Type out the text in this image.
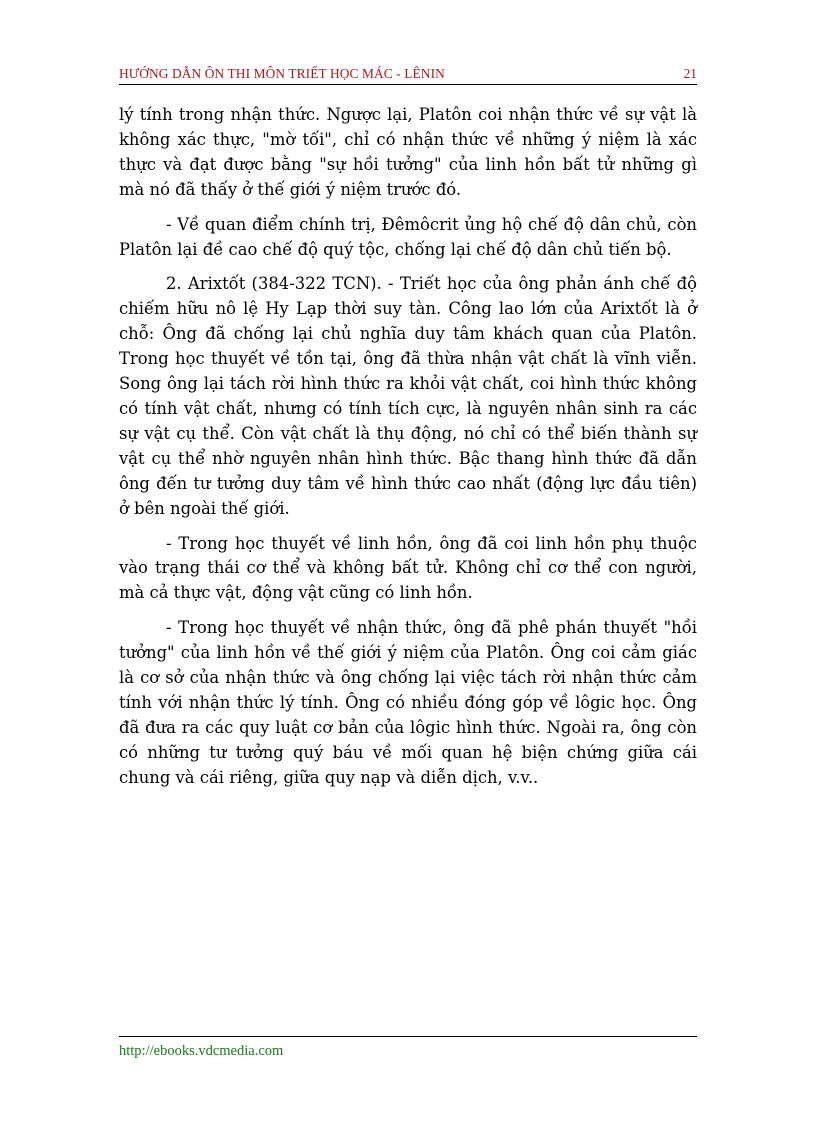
HƯỚNG DẪN ÔN THI MÔN TRIẾT HỌC MÁC - LÊNIN	21

lý tính trong nhận thức. Ngược lại, Platôn coi nhận thức về sự vật là không xác thực, "mờ tối", chỉ có nhận thức về những ý niệm là xác thực và đạt được bằng "sự hồi tưởng" của linh hồn bất tử những gì mà nó đã thấy ở thế giới ý niệm trước đó.

- Về quan điểm chính trị, Đêmôcrit ủng hộ chế độ dân chủ, còn Platôn lại đề cao chế độ quý tộc, chống lại chế độ dân chủ tiến bộ.

2. Arixtốt (384-322 TCN). - Triết học của ông phản ánh chế độ chiếm hữu nô lệ Hy Lạp thời suy tàn. Công lao lớn của Arixtốt là ở chỗ: Ông đã chống lại chủ nghĩa duy tâm khách quan của Platôn. Trong học thuyết về tồn tại, ông đã thừa nhận vật chất là vĩnh viễn. Song ông lại tách rời hình thức ra khỏi vật chất, coi hình thức không có tính vật chất, nhưng có tính tích cực, là nguyên nhân sinh ra các sự vật cụ thể. Còn vật chất là thụ động, nó chỉ có thể biến thành sự vật cụ thể nhờ nguyên nhân hình thức. Bậc thang hình thức đã dẫn ông đến tư tưởng duy tâm về hình thức cao nhất (động lực đầu tiên) ở bên ngoài thế giới.

- Trong học thuyết về linh hồn, ông đã coi linh hồn phụ thuộc vào trạng thái cơ thể và không bất tử. Không chỉ cơ thể con người, mà cả thực vật, động vật cũng có linh hồn.

- Trong học thuyết về nhận thức, ông đã phê phán thuyết "hồi tưởng" của linh hồn về thế giới ý niệm của Platôn. Ông coi cảm giác là cơ sở của nhận thức và ông chống lại việc tách rời nhận thức cảm tính với nhận thức lý tính. Ông có nhiều đóng góp về lôgic học. Ông đã đưa ra các quy luật cơ bản của lôgic hình thức. Ngoài ra, ông còn có những tư tưởng quý báu về mối quan hệ biện chứng giữa cái chung và cái riêng, giữa quy nạp và diễn dịch, v.v..

http://ebooks.vdcmedia.com
